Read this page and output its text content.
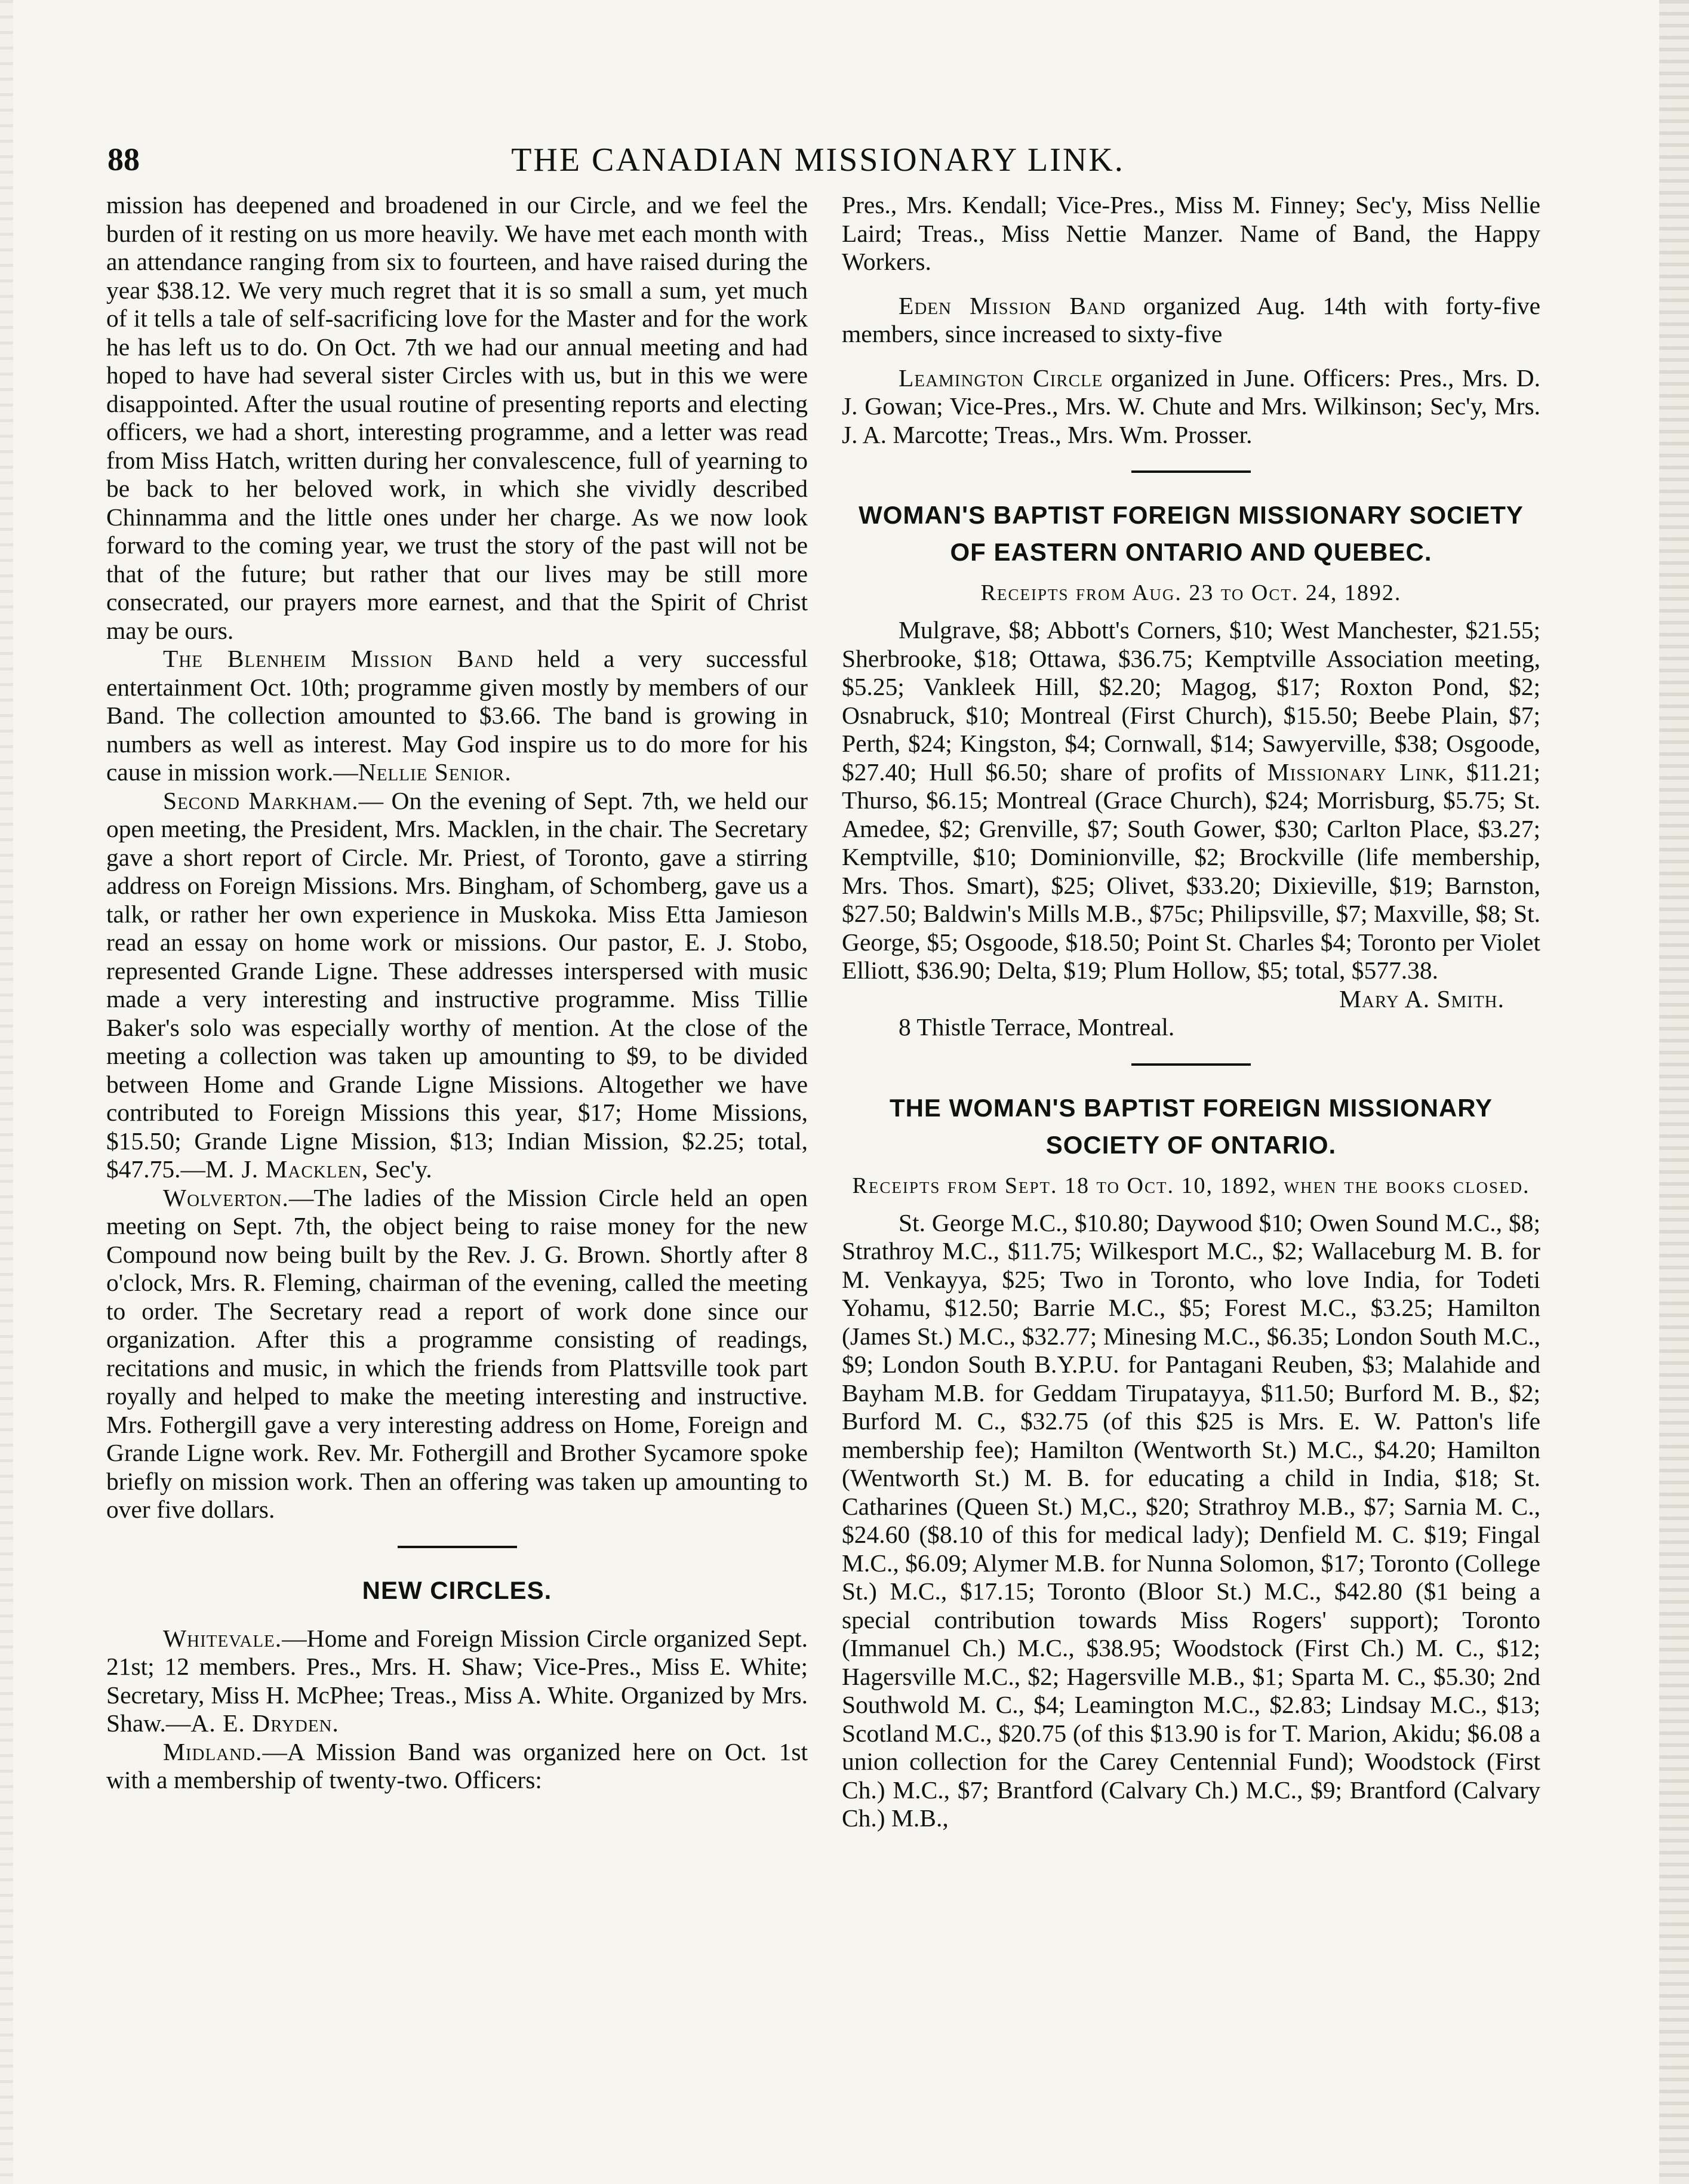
88	THE CANADIAN MISSIONARY LINK.

mission has deepened and broadened in our Circle, and we feel the burden of it resting on us more heavily. We have met each month with an attendance ranging from six to fourteen, and have raised during the year $38.12. We very much regret that it is so small a sum, yet much of it tells a tale of self-sacrificing love for the Master and for the work he has left us to do. On Oct. 7th we had our annual meeting and had hoped to have had several sister Circles with us, but in this we were disappointed. After the usual routine of presenting reports and electing officers, we had a short, interesting programme, and a letter was read from Miss Hatch, written during her convalescence, full of yearning to be back to her beloved work, in which she vividly described Chinnamma and the little ones under her charge. As we now look forward to the coming year, we trust the story of the past will not be that of the future; but rather that our lives may be still more consecrated, our prayers more earnest, and that the Spirit of Christ may be ours.

The Blenheim Mission Band held a very successful entertainment Oct. 10th; programme given mostly by members of our Band. The collection amounted to $3.66. The band is growing in numbers as well as interest. May God inspire us to do more for his cause in mission work.—Nellie Senior.

Second Markham.— On the evening of Sept. 7th, we held our open meeting, the President, Mrs. Macklen, in the chair. The Secretary gave a short report of Circle. Mr. Priest, of Toronto, gave a stirring address on Foreign Missions. Mrs. Bingham, of Schomberg, gave us a talk, or rather her own experience in Muskoka. Miss Etta Jamieson read an essay on home work or missions. Our pastor, E. J. Stobo, represented Grande Ligne. These addresses interspersed with music made a very interesting and instructive programme. Miss Tillie Baker's solo was especially worthy of mention. At the close of the meeting a collection was taken up amounting to $9, to be divided between Home and Grande Ligne Missions. Altogether we have contributed to Foreign Missions this year, $17; Home Missions, $15.50; Grande Ligne Mission, $13; Indian Mission, $2.25; total, $47.75.—M. J. Macklen, Sec'y.

Wolverton.—The ladies of the Mission Circle held an open meeting on Sept. 7th, the object being to raise money for the new Compound now being built by the Rev. J. G. Brown. Shortly after 8 o'clock, Mrs. R. Fleming, chairman of the evening, called the meeting to order. The Secretary read a report of work done since our organization. After this a programme consisting of readings, recitations and music, in which the friends from Plattsville took part royally and helped to make the meeting interesting and instructive. Mrs. Fothergill gave a very interesting address on Home, Foreign and Grande Ligne work. Rev. Mr. Fothergill and Brother Sycamore spoke briefly on mission work. Then an offering was taken up amounting to over five dollars.

NEW CIRCLES.

Whitevale.—Home and Foreign Mission Circle organized Sept. 21st; 12 members. Pres., Mrs. H. Shaw; Vice-Pres., Miss E. White; Secretary, Miss H. McPhee; Treas., Miss A. White. Organized by Mrs. Shaw.—A. E. Dryden.

Midland.—A Mission Band was organized here on Oct. 1st with a membership of twenty-two. Officers:

Pres., Mrs. Kendall; Vice-Pres., Miss M. Finney; Sec'y, Miss Nellie Laird; Treas., Miss Nettie Manzer. Name of Band, the Happy Workers.

Eden Mission Band organized Aug. 14th with forty-five members, since increased to sixty-five

Leamington Circle organized in June. Officers: Pres., Mrs. D. J. Gowan; Vice-Pres., Mrs. W. Chute and Mrs. Wilkinson; Sec'y, Mrs. J. A. Marcotte; Treas., Mrs. Wm. Prosser.

WOMAN'S BAPTIST FOREIGN MISSIONARY SOCIETY OF EASTERN ONTARIO AND QUEBEC.
Receipts from Aug. 23 to Oct. 24, 1892.

Mulgrave, $8; Abbott's Corners, $10; West Manchester, $21.55; Sherbrooke, $18; Ottawa, $36.75; Kemptville Association meeting, $5.25; Vankleek Hill, $2.20; Magog, $17; Roxton Pond, $2; Osnabruck, $10; Montreal (First Church), $15.50; Beebe Plain, $7; Perth, $24; Kingston, $4; Cornwall, $14; Sawyerville, $38; Osgoode, $27.40; Hull $6.50; share of profits of Missionary Link, $11.21; Thurso, $6.15; Montreal (Grace Church), $24; Morrisburg, $5.75; St. Amedee, $2; Grenville, $7; South Gower, $30; Carlton Place, $3.27; Kemptville, $10; Dominionville, $2; Brockville (life membership, Mrs. Thos. Smart), $25; Olivet, $33.20; Dixieville, $19; Barnston, $27.50; Baldwin's Mills M.B., $75c; Philipsville, $7; Maxville, $8; St. George, $5; Osgoode, $18.50; Point St. Charles $4; Toronto per Violet Elliott, $36.90; Delta, $19; Plum Hollow, $5; total, $577.38.

Mary A. Smith.

8 Thistle Terrace, Montreal.

THE WOMAN'S BAPTIST FOREIGN MISSIONARY SOCIETY OF ONTARIO.
Receipts from Sept. 18 to Oct. 10, 1892, when the books closed.

St. George M.C., $10.80; Daywood $10; Owen Sound M.C., $8; Strathroy M.C., $11.75; Wilkesport M.C., $2; Wallaceburg M. B. for M. Venkayya, $25; Two in Toronto, who love India, for Todeti Yohamu, $12.50; Barrie M.C., $5; Forest M.C., $3.25; Hamilton (James St.) M.C., $32.77; Minesing M.C., $6.35; London South M.C., $9; London South B.Y.P.U. for Pantagani Reuben, $3; Malahide and Bayham M.B. for Geddam Tirupatayya, $11.50; Burford M. B., $2; Burford M. C., $32.75 (of this $25 is Mrs. E. W. Patton's life membership fee); Hamilton (Wentworth St.) M.C., $4.20; Hamilton (Wentworth St.) M. B. for educating a child in India, $18; St. Catharines (Queen St.) M,C., $20; Strathroy M.B., $7; Sarnia M. C., $24.60 ($8.10 of this for medical lady); Denfield M. C. $19; Fingal M.C., $6.09; Alymer M.B. for Nunna Solomon, $17; Toronto (College St.) M.C., $17.15; Toronto (Bloor St.) M.C., $42.80 ($1 being a special contribution towards Miss Rogers' support); Toronto (Immanuel Ch.) M.C., $38.95; Woodstock (First Ch.) M. C., $12; Hagersville M.C., $2; Hagersville M.B., $1; Sparta M. C., $5.30; 2nd Southwold M. C., $4; Leamington M.C., $2.83; Lindsay M.C., $13; Scotland M.C., $20.75 (of this $13.90 is for T. Marion, Akidu; $6.08 a union collection for the Carey Centennial Fund); Woodstock (First Ch.) M.C., $7; Brantford (Calvary Ch.) M.C., $9; Brantford (Calvary Ch.) M.B.,
